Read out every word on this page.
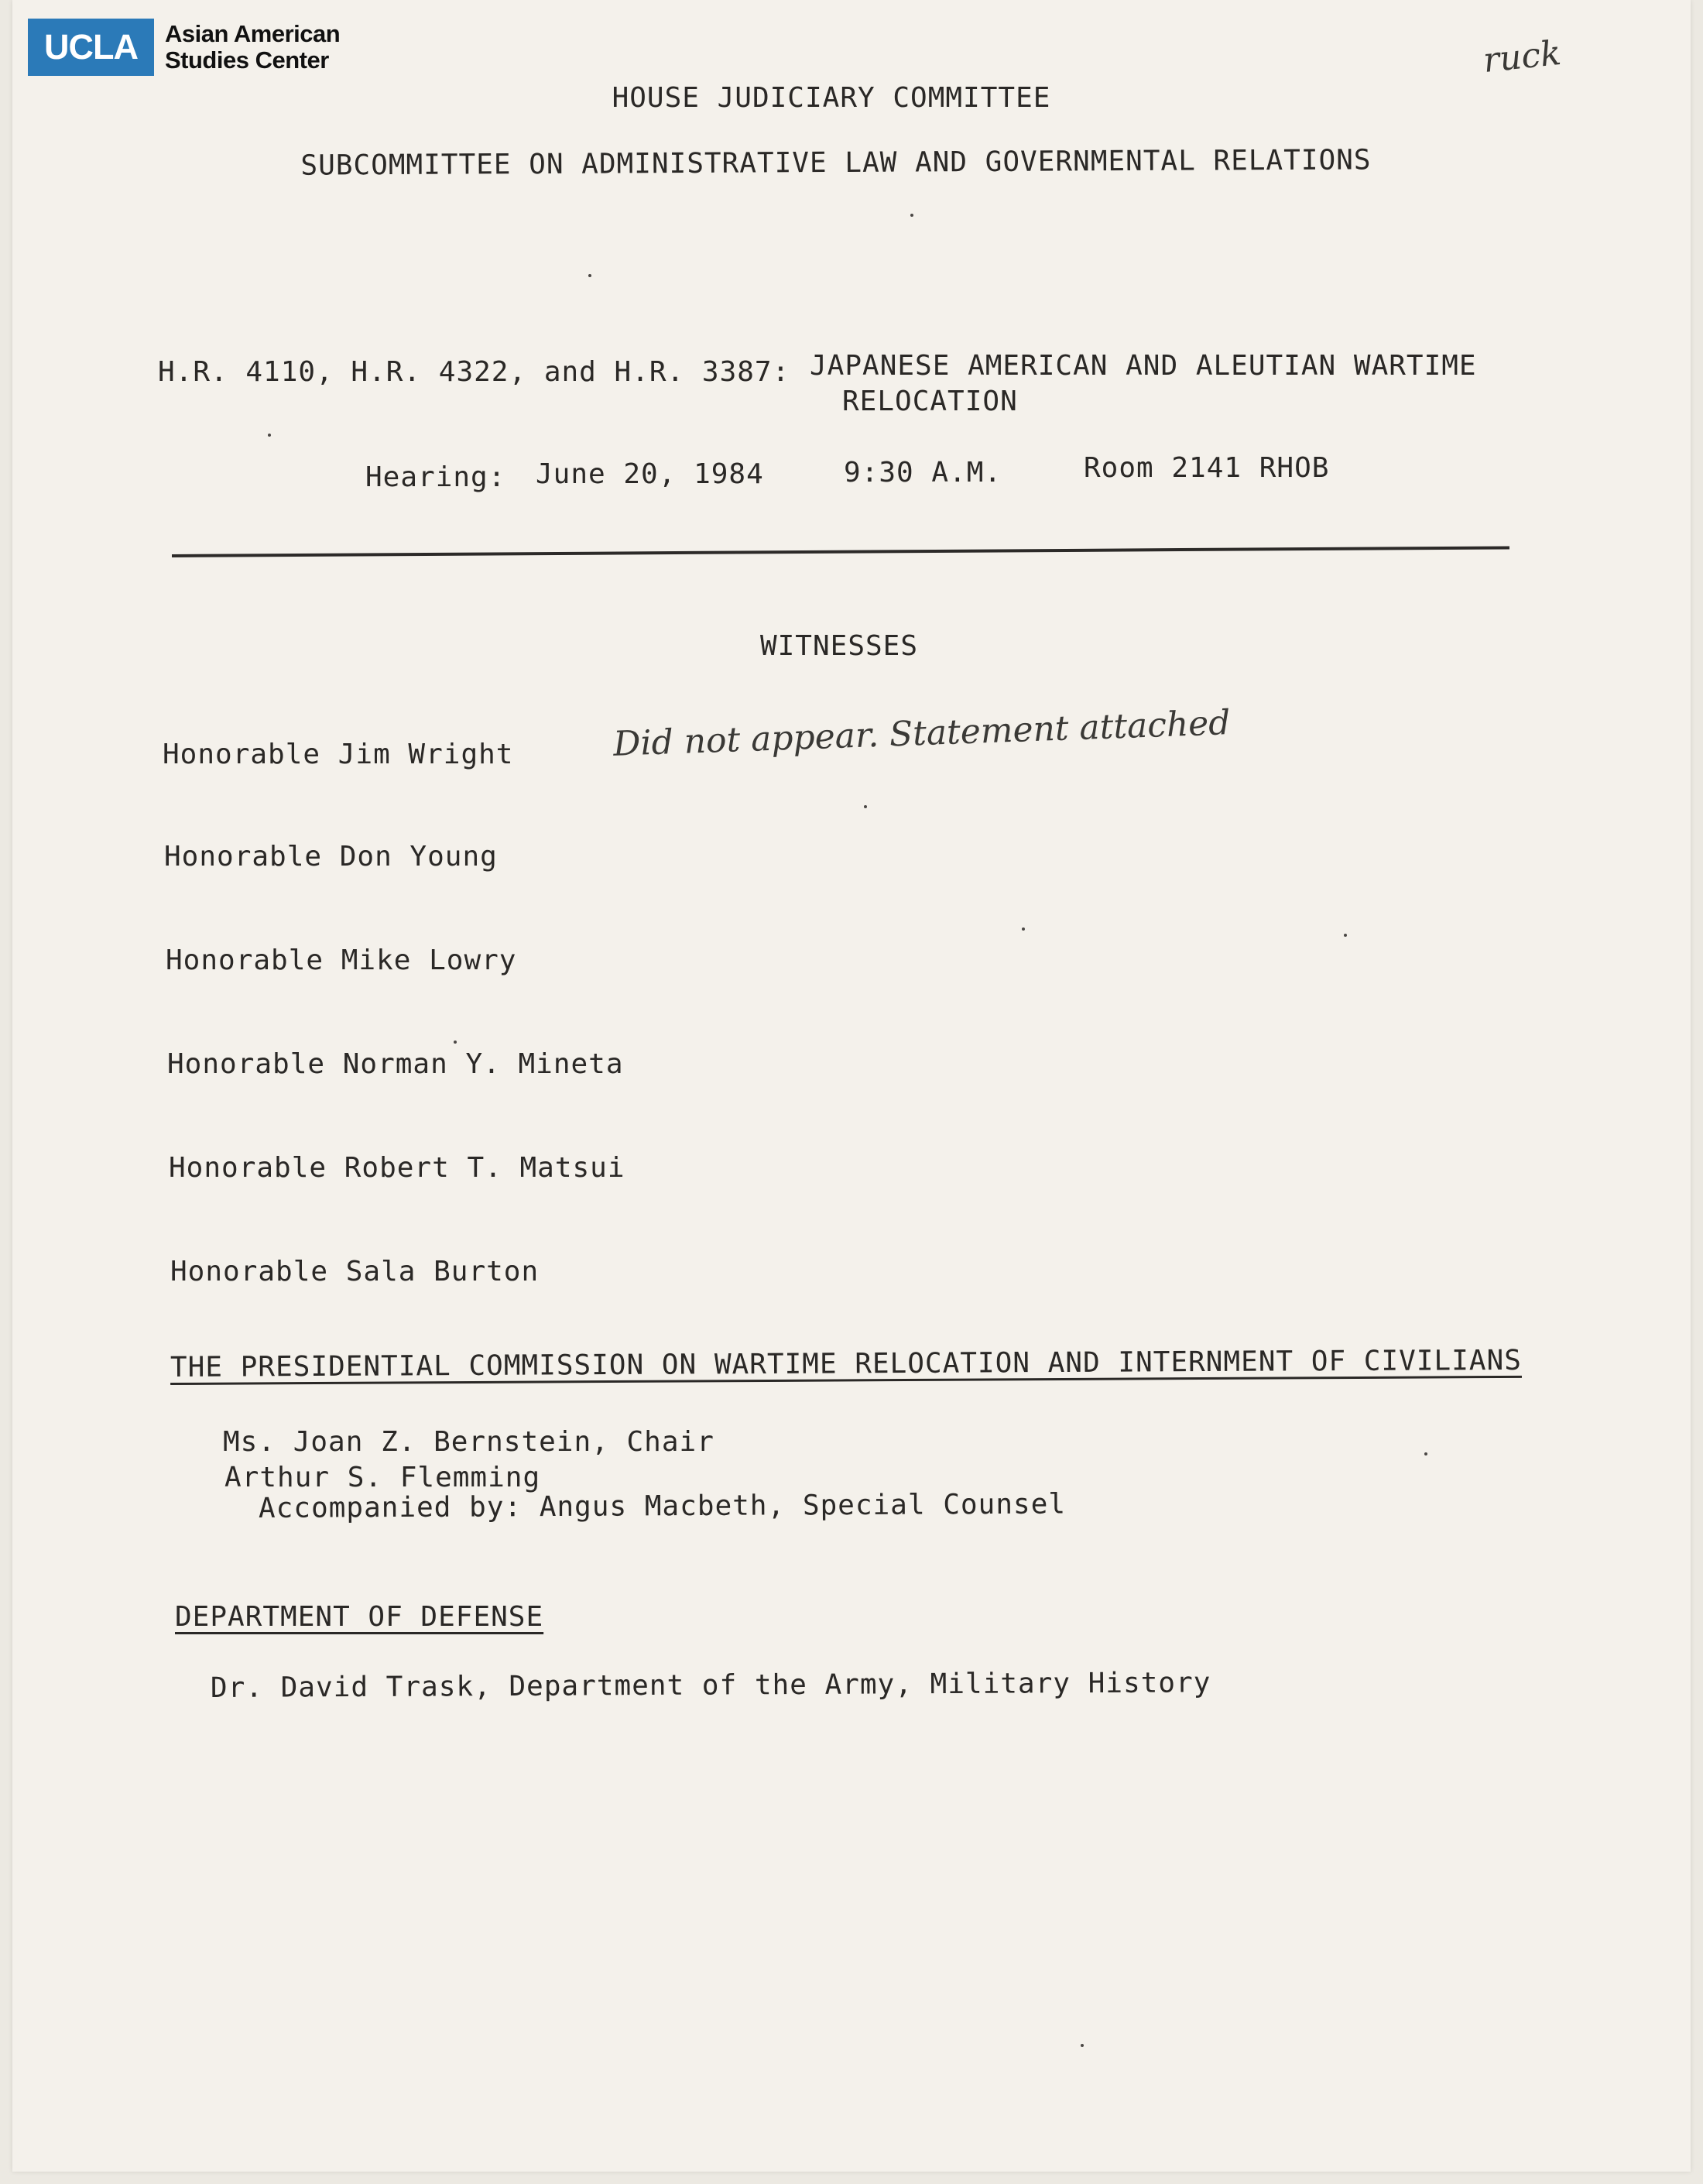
UCLA	Asian American
Studies Center	ruck
HOUSE JUDICIARY COMMITTEE
SUBCOMMITTEE ON ADMINISTRATIVE LAW AND GOVERNMENTAL RELATIONS
H.R. 4110, H.R. 4322, and H.R. 3387: JAPANESE AMERICAN AND ALEUTIAN WARTIME
RELOCATION
Hearing: June 20, 1984	9:30 A.M.	Room 2141 RHOB
WITNESSES
Honorable Jim Wright	Did not appear. Statement attached
Honorable Don Young
Honorable Mike Lowry
Honorable Norman Y. Mineta
Honorable Robert T. Matsui
Honorable Sala Burton
THE PRESIDENTIAL COMMISSION ON WARTIME RELOCATION AND INTERNMENT OF CIVILIANS
Ms. Joan Z. Bernstein, Chair
Arthur S. Flemming
Accompanied by: Angus Macbeth, Special Counsel
DEPARTMENT OF DEFENSE
Dr. David Trask, Department of the Army, Military History
